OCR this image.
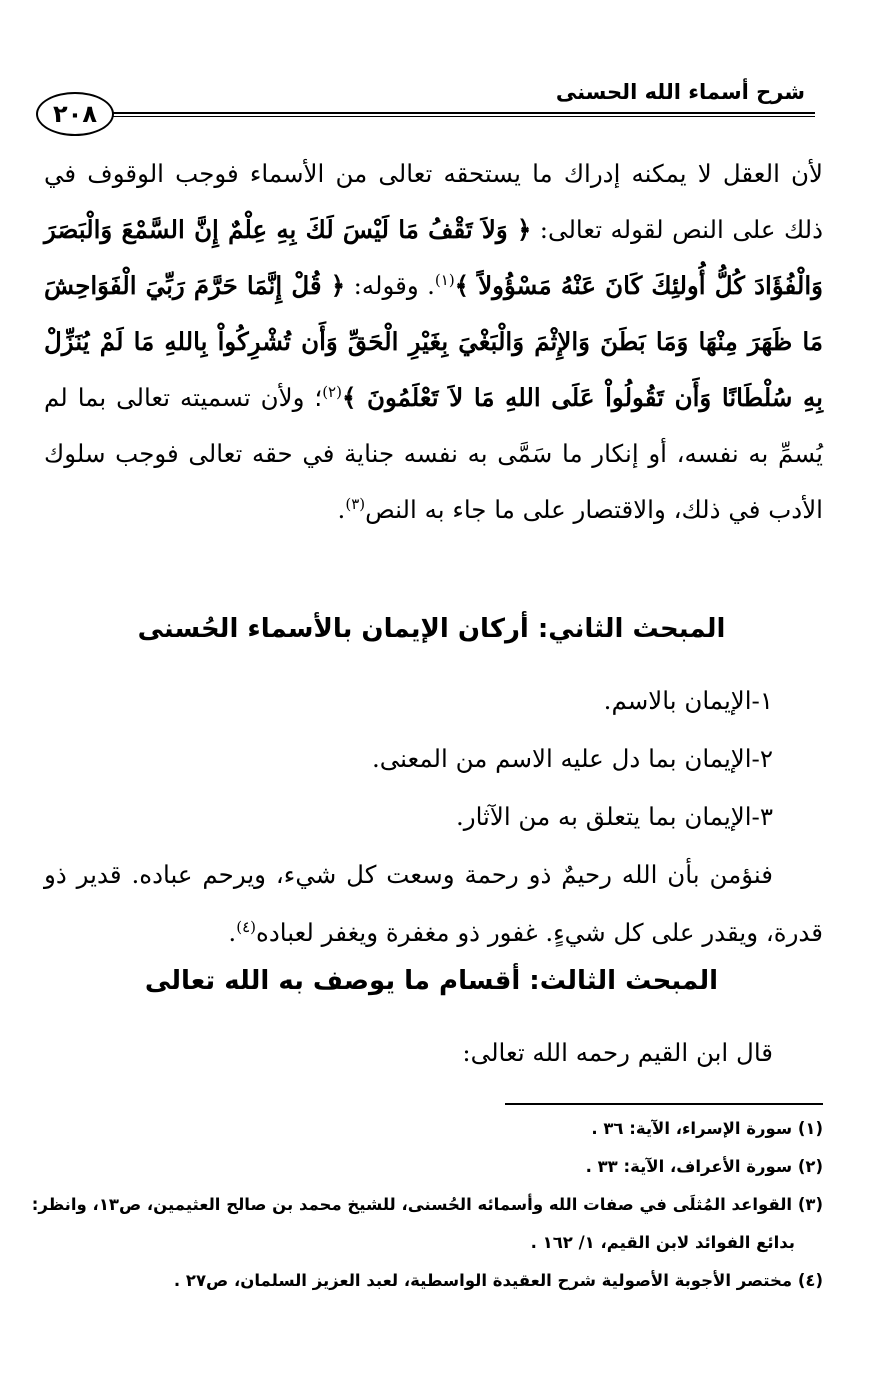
شرح أسماء الله الحسنى
٢٠٨

لأن العقل لا يمكنه إدراك ما يستحقه تعالى من الأسماء فوجب الوقوف في ذلك على النص لقوله تعالى: ﴿ وَلاَ تَقْفُ مَا لَيْسَ لَكَ بِهِ عِلْمٌ إِنَّ السَّمْعَ وَالْبَصَرَ وَالْفُؤَادَ كُلُّ أُولئِكَ كَانَ عَنْهُ مَسْؤُولاً ﴾$^{(١)}$. وقوله: ﴿ قُلْ إِنَّمَا حَرَّمَ رَبِّيَ الْفَوَاحِشَ مَا ظَهَرَ مِنْهَا وَمَا بَطَنَ وَالإِثْمَ وَالْبَغْيَ بِغَيْرِ الْحَقِّ وَأَن تُشْرِكُواْ بِاللهِ مَا لَمْ يُنَزِّلْ بِهِ سُلْطَانًا وَأَن تَقُولُواْ عَلَى اللهِ مَا لاَ تَعْلَمُونَ ﴾$^{(٢)}$؛ ولأن تسميته تعالى بما لم يُسمِّ به نفسه، أو إنكار ما سَمَّى به نفسه جناية في حقه تعالى فوجب سلوك الأدب في ذلك، والاقتصار على ما جاء به النص$^{(٣)}$.

المبحث الثاني: أركان الإيمان بالأسماء الحُسنى
١-الإيمان بالاسم.
٢-الإيمان بما دل عليه الاسم من المعنى.
٣-الإيمان بما يتعلق به من الآثار.
فنؤمن بأن الله رحيمٌ ذو رحمة وسعت كل شيء، ويرحم عباده. قدير ذو قدرة، ويقدر على كل شيءٍ. غفور ذو مغفرة ويغفر لعباده$^{(٤)}$.
المبحث الثالث: أقسام ما يوصف به الله تعالى
قال ابن القيم رحمه الله تعالى:
(١) سورة الإسراء، الآية: ٣٦ .
(٢) سورة الأعراف، الآية: ٣٣ .
(٣) القواعد المُثلَى في صفات الله وأسمائه الحُسنى، للشيخ محمد بن صالح العثيمين، ص١٣، وانظر:
بدائع الفوائد لابن القيم، ١/ ١٦٢ .
(٤) مختصر الأجوبة الأصولية شرح العقيدة الواسطية، لعبد العزيز السلمان، ص٢٧ .
